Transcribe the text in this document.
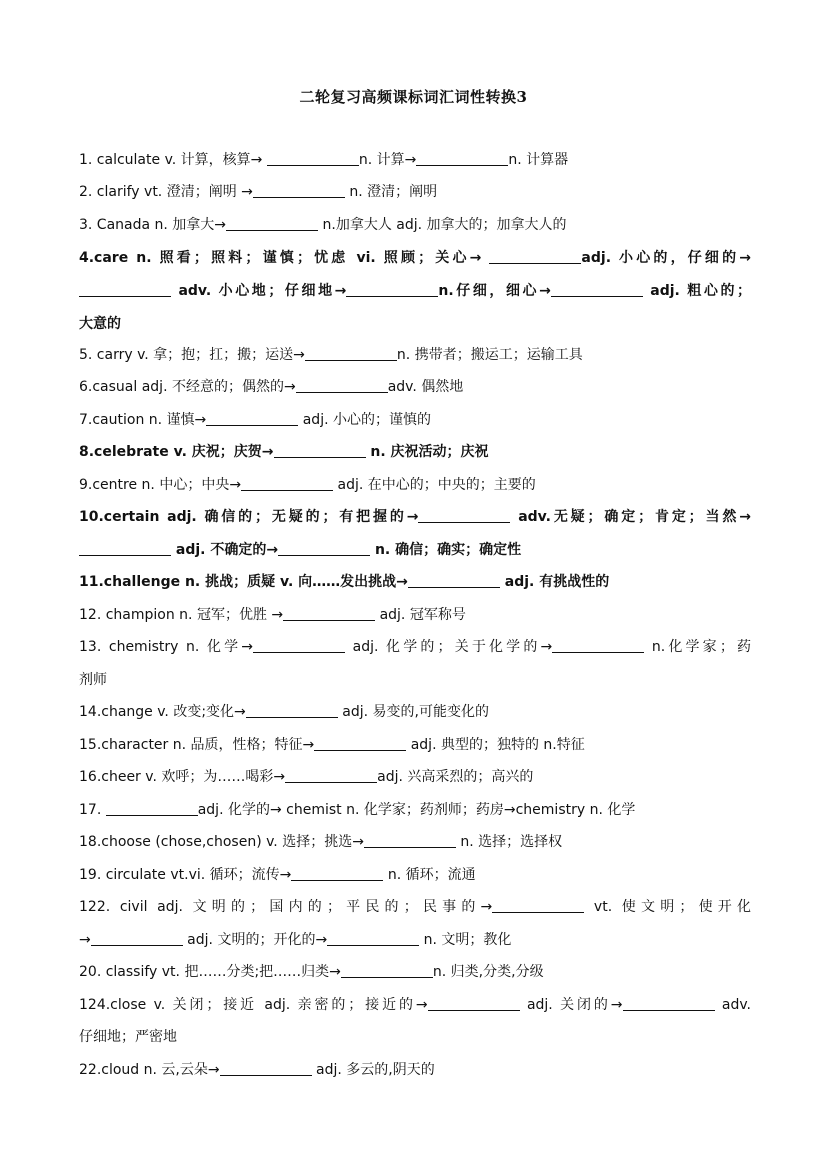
二轮复习高频课标词汇词性转换3
1. calculate v. 计算，核算→	n. 计算→	n. 计算器
2. clarify vt. 澄清；阐明 →	n. 澄清；阐明
3. Canada n. 加拿大→	n.加拿大人 adj. 加拿大的；加拿大人的
4.care n. 照看；照料；谨慎；忧虑 vi. 照顾；关心→	adj. 小心的，仔细的→
adv. 小心地；仔细地→	n.仔细，细心→	adj. 粗心的；
大意的
5. carry v. 拿；抱；扛；搬；运送→	n. 携带者；搬运工；运输工具
6.casual adj. 不经意的；偶然的→	adv. 偶然地
7.caution n. 谨慎→	adj. 小心的；谨慎的
8.celebrate v. 庆祝；庆贺→	n. 庆祝活动；庆祝
9.centre n. 中心；中央→	adj. 在中心的；中央的；主要的
10.certain adj. 确信的；无疑的；有把握的→	adv.无疑；确定；肯定；当然→
adj. 不确定的→	n. 确信；确实；确定性
11.challenge n. 挑战；质疑 v. 向……发出挑战→	adj. 有挑战性的
12. champion n. 冠军；优胜 →	adj. 冠军称号
13. chemistry n. 化学→	adj. 化学的；关于化学的→	n.化学家；药
剂师
14.change v. 改变;变化→	adj. 易变的,可能变化的
15.character n. 品质，性格；特征→	adj. 典型的；独特的 n.特征
16.cheer v. 欢呼；为……喝彩→	adj. 兴高采烈的；高兴的
17.	adj. 化学的→ chemist n. 化学家；药剂师；药房→chemistry n. 化学
18.choose (chose,chosen) v. 选择；挑选→	n. 选择；选择权
19. circulate vt.vi. 循环；流传→	n. 循环；流通
122. civil adj. 文明的；国内的；平民的；民事的→	vt. 使文明；使开化
→	adj. 文明的；开化的→	n. 文明；教化
20. classify vt. 把……分类;把……归类→	n. 归类,分类,分级
124.close v. 关闭；接近 adj. 亲密的；接近的→	adj. 关闭的→	adv.
仔细地；严密地
22.cloud n. 云,云朵→	adj. 多云的,阴天的
